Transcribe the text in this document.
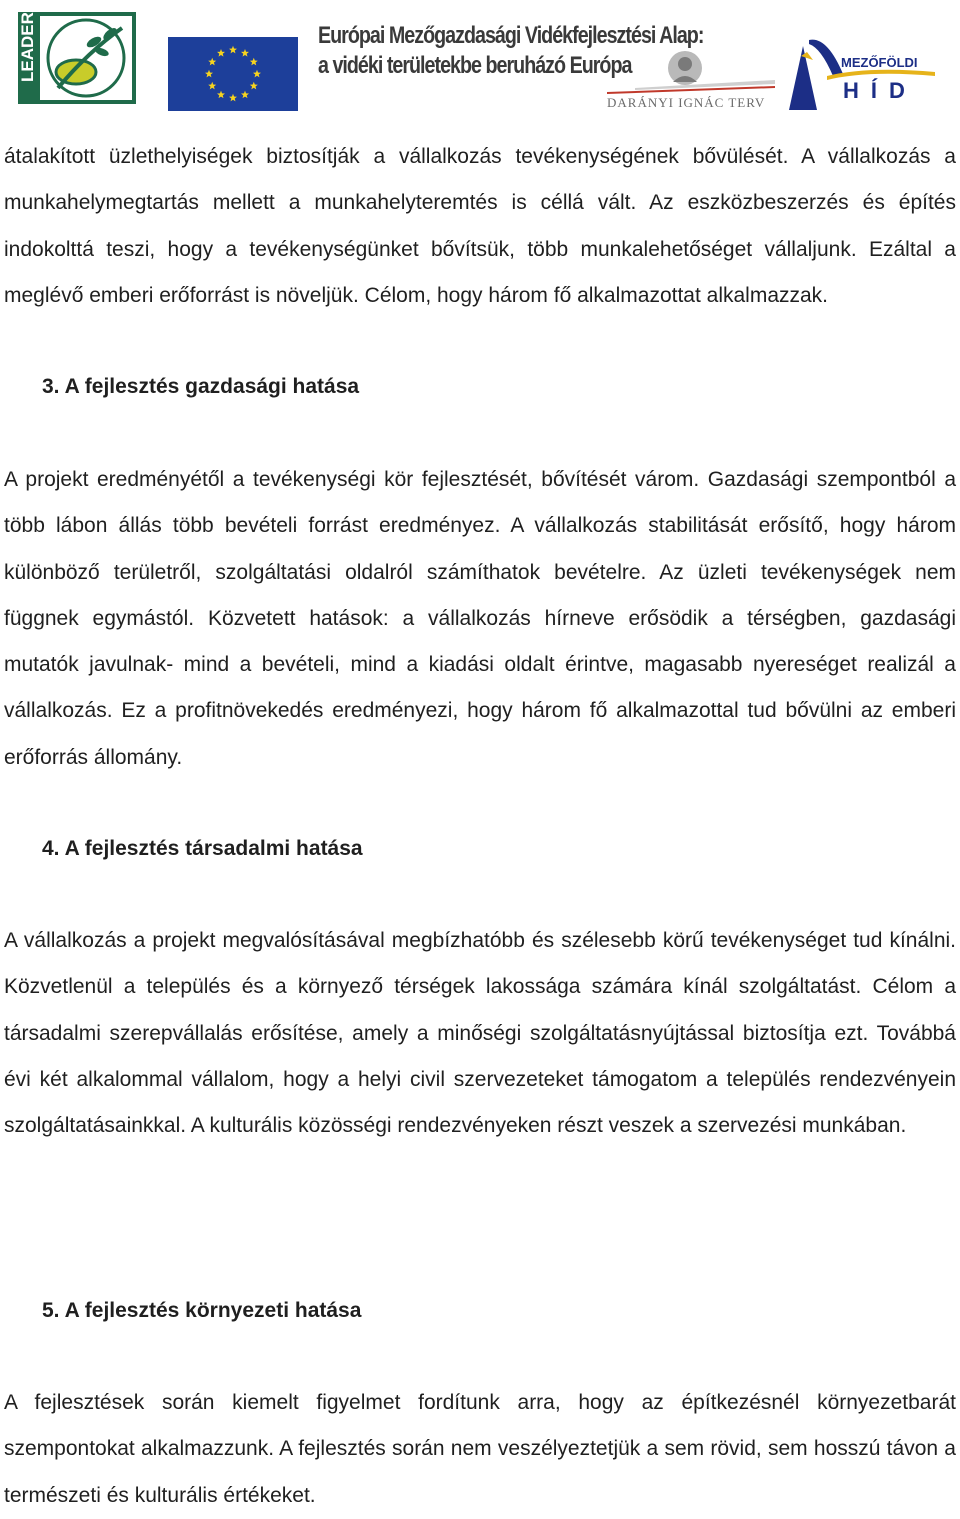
LEADER	Európai Mezőgazdasági Vidékfejlesztési Alap:
a vidéki területekbe beruházó Európa
DARÁNYI IGNÁC TERV
MEZŐFÖLDI
HÍD

átalakított üzlethelyiségek biztosítják a vállalkozás tevékenységének bővülését. A vállalkozás a munkahelymegtartás mellett a munkahelyteremtés is céllá vált. Az eszközbeszerzés és építés indokolttá teszi, hogy a tevékenységünket bővítsük, több munkalehetőséget vállaljunk. Ezáltal a meglévő emberi erőforrást is növeljük. Célom, hogy három fő alkalmazottat alkalmazzak.

3. A fejlesztés gazdasági hatása

A projekt eredményétől a tevékenységi kör fejlesztését, bővítését várom. Gazdasági szempontból a több lábon állás több bevételi forrást eredményez. A vállalkozás stabilitását erősítő, hogy három különböző területről, szolgáltatási oldalról számíthatok bevételre. Az üzleti tevékenységek nem függnek egymástól. Közvetett hatások: a vállalkozás hírneve erősödik a térségben, gazdasági mutatók javulnak- mind a bevételi, mind a kiadási oldalt érintve, magasabb nyereséget realizál a vállalkozás. Ez a profitnövekedés eredményezi, hogy három fő alkalmazottal tud bővülni az emberi erőforrás állomány.

4. A fejlesztés társadalmi hatása

A vállalkozás a projekt megvalósításával megbízhatóbb és szélesebb körű tevékenységet tud kínálni. Közvetlenül a település és a környező térségek lakossága számára kínál szolgáltatást. Célom a társadalmi szerepvállalás erősítése, amely a minőségi szolgáltatásnyújtással biztosítja ezt. Továbbá évi két alkalommal vállalom, hogy a helyi civil szervezeteket támogatom a település rendezvényein szolgáltatásainkkal. A kulturális közösségi rendezvényeken részt veszek a szervezési munkában.

5. A fejlesztés környezeti hatása

A fejlesztések során kiemelt figyelmet fordítunk arra, hogy az építkezésnél környezetbarát szempontokat alkalmazzunk. A fejlesztés során nem veszélyeztetjük a sem rövid, sem hosszú távon a természeti és kulturális értékeket.
